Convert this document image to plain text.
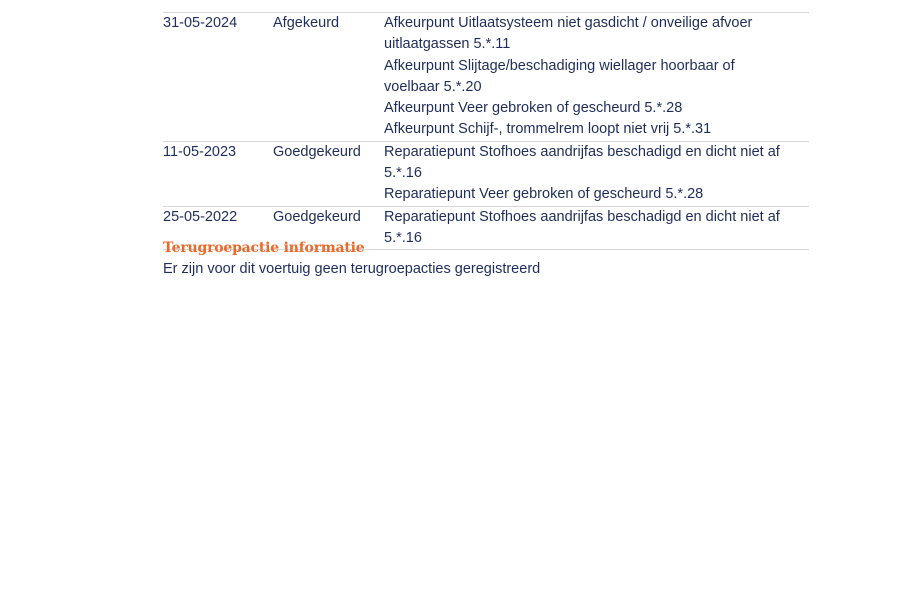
31-05-2024	Afgekeurd	Afkeurpunt Uitlaatsysteem niet gasdicht / onveilige afvoer uitlaatgassen 5.*.11
Afkeurpunt Slijtage/beschadiging wiellager hoorbaar of voelbaar 5.*.20
Afkeurpunt Veer gebroken of gescheurd 5.*.28
Afkeurpunt Schijf-, trommelrem loopt niet vrij 5.*.31
11-05-2023	Goedgekeurd	Reparatiepunt Stofhoes aandrijfas beschadigd en dicht niet af 5.*.16
Reparatiepunt Veer gebroken of gescheurd 5.*.28
25-05-2022	Goedgekeurd	Reparatiepunt Stofhoes aandrijfas beschadigd en dicht niet af 5.*.16
Terugroepactie informatie
Er zijn voor dit voertuig geen terugroepacties geregistreerd
